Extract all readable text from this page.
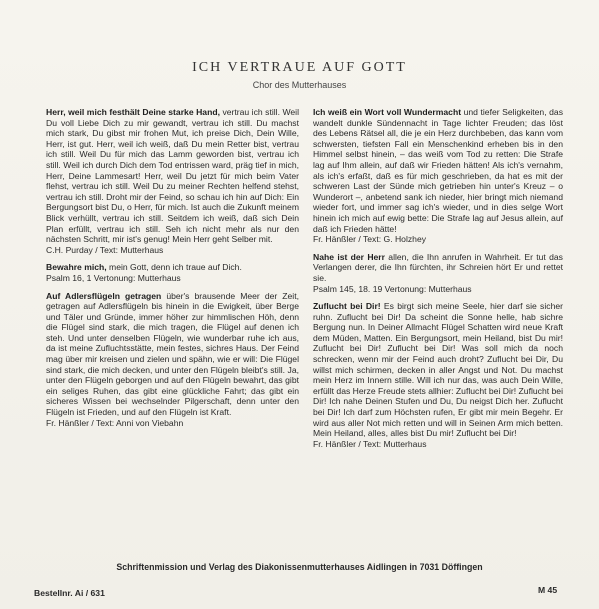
ICH VERTRAUE AUF GOTT
Chor des Mutterhauses

Herr, weil mich festhält Deine starke Hand, vertrau ich still. Weil Du voll Liebe Dich zu mir gewandt, vertrau ich still. Du machst mich stark, Du gibst mir frohen Mut, ich preise Dich, Dein Wille, Herr, ist gut. Herr, weil ich weiß, daß Du mein Retter bist, vertrau ich still. Weil Du für mich das Lamm geworden bist, vertrau ich still. Weil ich durch Dich dem Tod entrissen ward, präg tief in mich, Herr, Deine Lammesart! Herr, weil Du jetzt für mich beim Vater flehst, vertrau ich still. Weil Du zu meiner Rechten helfend stehst, vertrau ich still. Droht mir der Feind, so schau ich hin auf Dich: Ein Bergungsort bist Du, o Herr, für mich. Ist auch die Zukunft meinem Blick verhüllt, vertrau ich still. Seitdem ich weiß, daß sich Dein Plan erfüllt, vertrau ich still. Seh ich nicht mehr als nur den nächsten Schritt, mir ist's genug! Mein Herr geht Selber mit.

C.H. Purday / Text: Mutterhaus

Bewahre mich, mein Gott, denn ich traue auf Dich.

Psalm 16, 1 Vertonung: Mutterhaus

Auf Adlersflügeln getragen über's brausende Meer der Zeit, getragen auf Adlersflügeln bis hinein in die Ewigkeit, über Berge und Täler und Gründe, immer höher zur himmlischen Höh, denn die Flügel sind stark, die mich tragen, die Flügel auf denen ich steh. Und unter denselben Flügeln, wie wunderbar ruhe ich aus, da ist meine Zufluchtsstätte, mein festes, sichres Haus. Der Feind mag über mir kreisen und zielen und spähn, wie er will: Die Flügel sind stark, die mich decken, und unter den Flügeln bleibt's still. Ja, unter den Flügeln geborgen und auf den Flügeln bewahrt, das gibt ein seliges Ruhen, das gibt eine glückliche Fahrt; das gibt ein sicheres Wissen bei wechselnder Pilgerschaft, denn unter den Flügeln ist Frieden, und auf den Flügeln ist Kraft.

Fr. Hänßler / Text: Anni von Viebahn

Ich weiß ein Wort voll Wundermacht und tiefer Seligkeiten, das wandelt dunkle Sündennacht in Tage lichter Freuden; das löst des Lebens Rätsel all, die je ein Herz durchbeben, das kann vom schwersten, tiefsten Fall ein Menschenkind erheben bis in den Himmel selbst hinein, – das weiß vom Tod zu retten: Die Strafe lag auf Ihm allein, auf daß wir Frieden hätten! Als ich's vernahm, als ich's erfaßt, daß es für mich geschrieben, da hat es mit der schweren Last der Sünde mich getrieben hin unter's Kreuz – o Wunderort –, anbetend sank ich nieder, hier bringt mich niemand wieder fort, und immer sag ich's wieder, und in dies selge Wort hinein ich mich auf ewig bette: Die Strafe lag auf Jesus allein, auf daß ich Frieden hätte!

Fr. Hänßler / Text: G. Holzhey

Nahe ist der Herr allen, die Ihn anrufen in Wahrheit. Er tut das Verlangen derer, die Ihn fürchten, ihr Schreien hört Er und rettet sie.

Psalm 145, 18. 19 Vertonung: Mutterhaus

Zuflucht bei Dir! Es birgt sich meine Seele, hier darf sie sicher ruhn. Zuflucht bei Dir! Da scheint die Sonne helle, hab sichre Bergung nun. In Deiner Allmacht Flügel Schatten wird neue Kraft dem Müden, Matten. Ein Bergungsort, mein Heiland, bist Du mir! Zuflucht bei Dir! Zuflucht bei Dir! Was soll mich da noch schrecken, wenn mir der Feind auch droht? Zuflucht bei Dir, Du willst mich schirmen, decken in aller Angst und Not. Du machst mein Herz im Innern stille. Will ich nur das, was auch Dein Wille, erfüllt das Herze Freude stets allhier: Zuflucht bei Dir! Zuflucht bei Dir! Ich nahe Deinen Stufen und Du, Du neigst Dich her. Zuflucht bei Dir! Ich darf zum Höchsten rufen, Er gibt mir mein Begehr. Er wird aus aller Not mich retten und will in Seinen Arm mich betten. Mein Heiland, alles, alles bist Du mir! Zuflucht bei Dir!

Fr. Hänßler / Text: Mutterhaus

Schriftenmission und Verlag des Diakonissenmutterhauses Aidlingen in 7031 Döffingen
Bestellnr. Ai / 631	M 45
